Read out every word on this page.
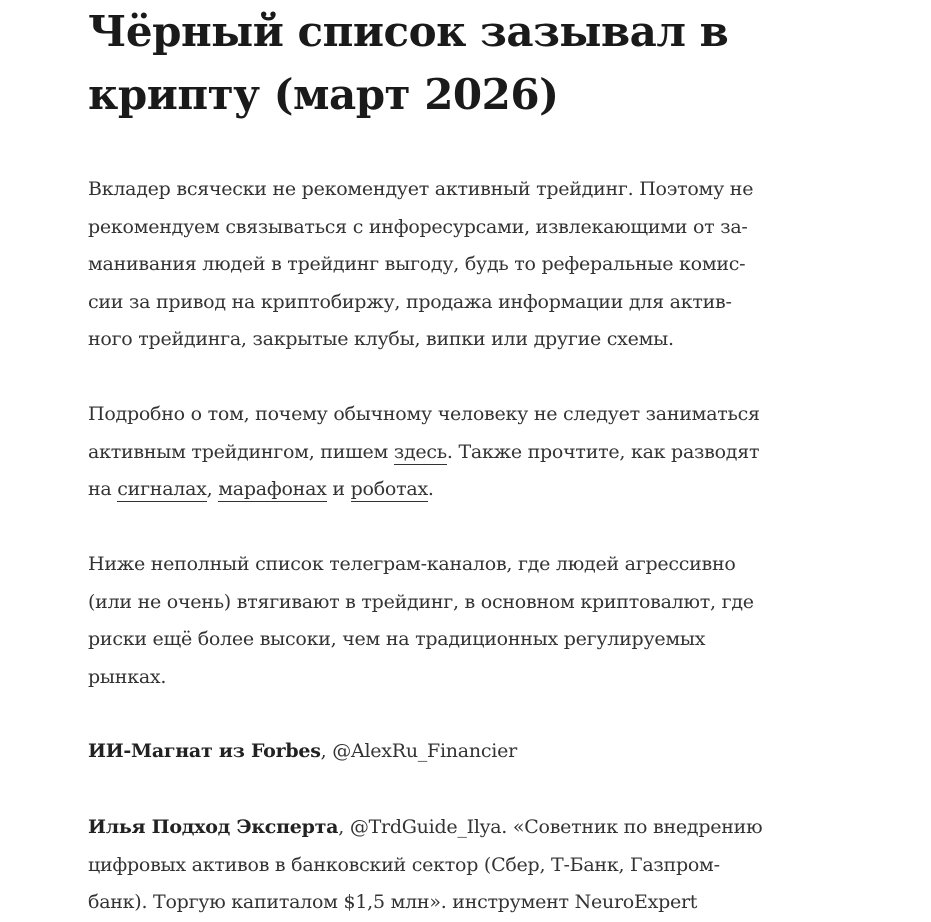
Чёрный список зазывал в
крипту (март 2026)

Вкладер всячески не рекомендует активный трейдинг. Поэтому не
рекомендуем связываться с инфоресурсами, извлекающими от за-
манивания людей в трейдинг выгоду, будь то реферальные комис-
сии за привод на криптобиржу, продажа информации для актив-
ного трейдинга, закрытые клубы, випки или другие схемы.

Подробно о том, почему обычному человеку не следует заниматься
активным трейдингом, пишем здесь. Также прочтите, как разводят
на сигналах, марафонах и роботах.

Ниже неполный список телеграм-каналов, где людей агрессивно
(или не очень) втягивают в трейдинг, в основном криптовалют, где
риски ещё более высоки, чем на традиционных регулируемых
рынках.

ИИ-Магнат из Forbes, @AlexRu_Financier

Илья Подход Эксперта, @TrdGuide_Ilya. «Советник по внедрению
цифровых активов в банковский сектор (Сбер, Т-Банк, Газпром-
банк). Торгую капиталом $1,5 млн». инструмент NeuroExpert
